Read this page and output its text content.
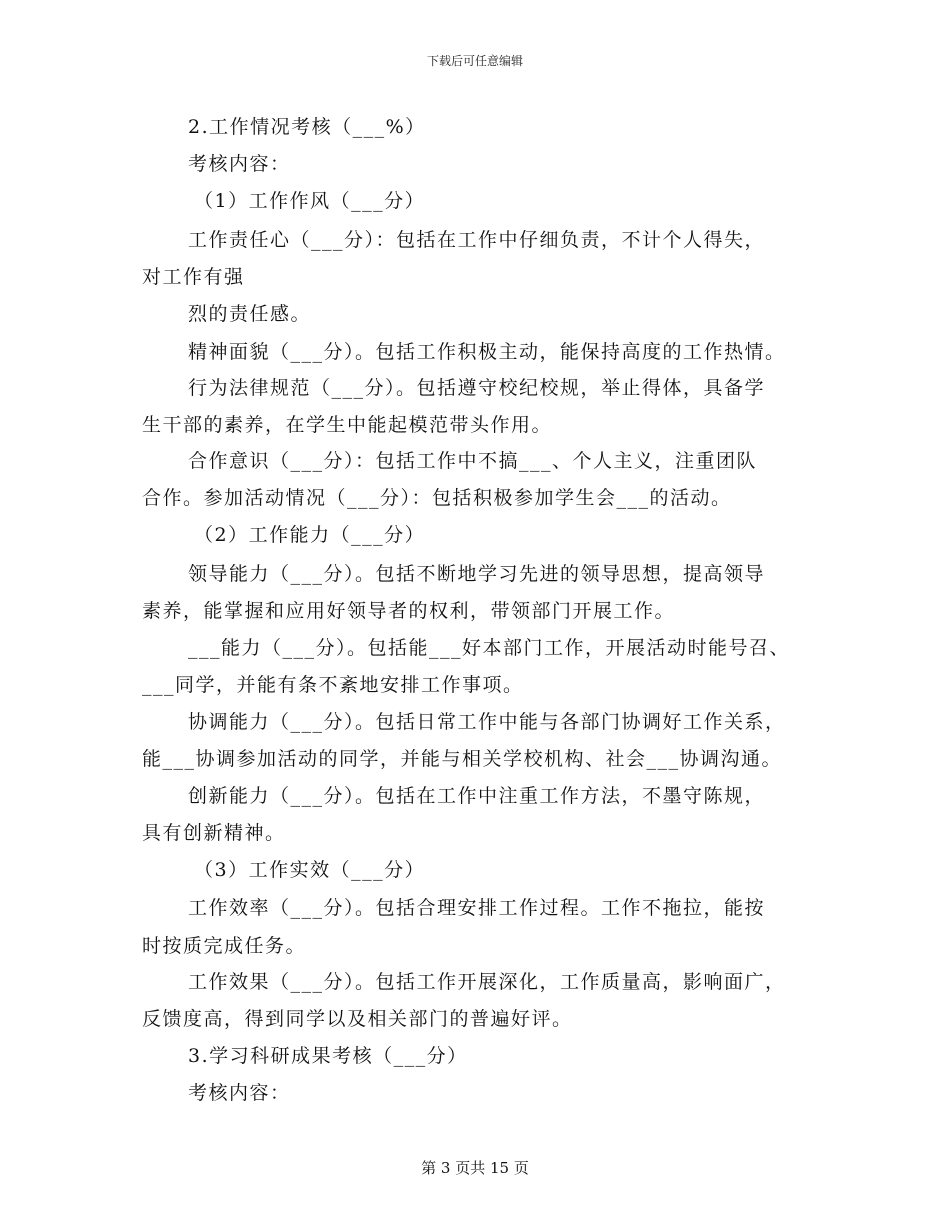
下载后可任意编辑
2.工作情况考核（___%）
考核内容：
（1）工作作风（___分）
工作责任心（___分）：包括在工作中仔细负责，不计个人得失，
对工作有强
烈的责任感。
精神面貌（___分）。包括工作积极主动，能保持高度的工作热情。
行为法律规范（___分）。包括遵守校纪校规，举止得体，具备学
生干部的素养，在学生中能起模范带头作用。
合作意识（___分）：包括工作中不搞___、个人主义，注重团队
合作。参加活动情况（___分）：包括积极参加学生会___的活动。
（2）工作能力（___分）
领导能力（___分）。包括不断地学习先进的领导思想，提高领导
素养，能掌握和应用好领导者的权利，带领部门开展工作。
___能力（___分）。包括能___好本部门工作，开展活动时能号召、
___同学，并能有条不紊地安排工作事项。
协调能力（___分）。包括日常工作中能与各部门协调好工作关系，
能___协调参加活动的同学，并能与相关学校机构、社会___协调沟通。
创新能力（___分）。包括在工作中注重工作方法，不墨守陈规，
具有创新精神。
（3）工作实效（___分）
工作效率（___分）。包括合理安排工作过程。工作不拖拉，能按
时按质完成任务。
工作效果（___分）。包括工作开展深化，工作质量高，影响面广，
反馈度高，得到同学以及相关部门的普遍好评。
3.学习科研成果考核（___分）
考核内容：
第 3 页共 15 页
